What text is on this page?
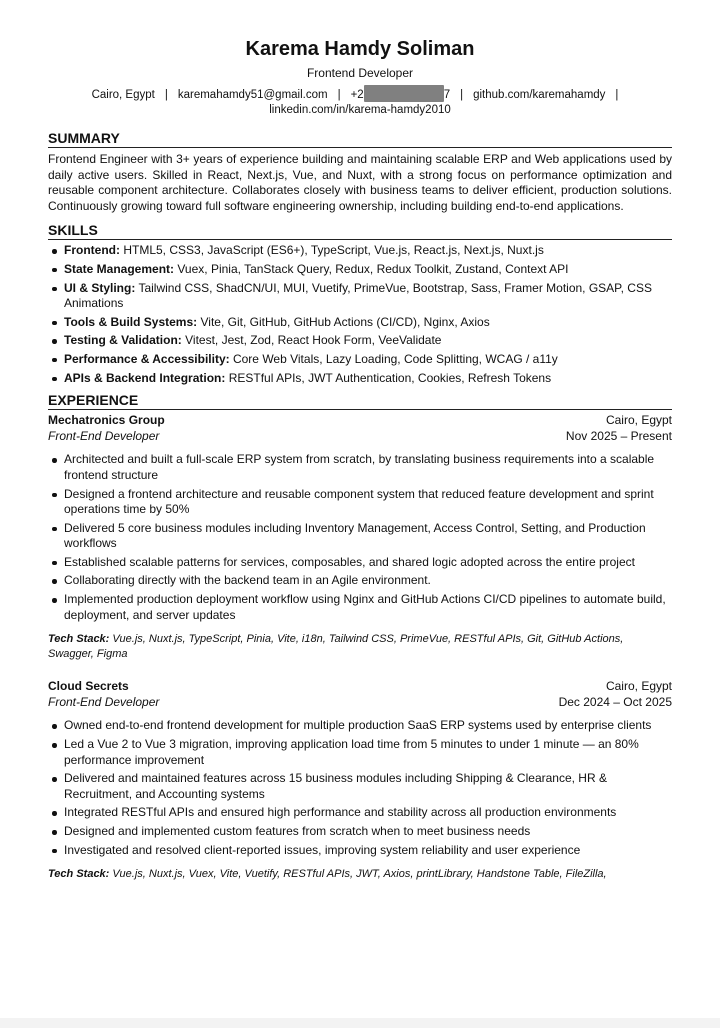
Karema Hamdy Soliman
Frontend Developer
Cairo, Egypt | karemahamdy51@gmail.com | +2	7 | github.com/karemahamdy |
linkedin.com/in/karema-hamdy2010
SUMMARY
Frontend Engineer with 3+ years of experience building and maintaining scalable ERP and Web applications used by daily active users. Skilled in React, Next.js, Vue, and Nuxt, with a strong focus on performance optimization and reusable component architecture. Collaborates closely with business teams to deliver efficient, production solutions. Continuously growing toward full software engineering ownership, including building end-to-end applications.
SKILLS
Frontend: HTML5, CSS3, JavaScript (ES6+), TypeScript, Vue.js, React.js, Next.js, Nuxt.js
State Management: Vuex, Pinia, TanStack Query, Redux, Redux Toolkit, Zustand, Context API
UI & Styling: Tailwind CSS, ShadCN/UI, MUI, Vuetify, PrimeVue, Bootstrap, Sass, Framer Motion, GSAP, CSS Animations
Tools & Build Systems: Vite, Git, GitHub, GitHub Actions (CI/CD), Nginx, Axios
Testing & Validation: Vitest, Jest, Zod, React Hook Form, VeeValidate
Performance & Accessibility: Core Web Vitals, Lazy Loading, Code Splitting, WCAG / a11y
APIs & Backend Integration: RESTful APIs, JWT Authentication, Cookies, Refresh Tokens
EXPERIENCE
Mechatronics Group	Cairo, Egypt
Front-End Developer	Nov 2025 – Present
Architected and built a full-scale ERP system from scratch, by translating business requirements into a scalable frontend structure
Designed a frontend architecture and reusable component system that reduced feature development and sprint operations time by 50%
Delivered 5 core business modules including Inventory Management, Access Control, Setting, and Production workflows
Established scalable patterns for services, composables, and shared logic adopted across the entire project
Collaborating directly with the backend team in an Agile environment.
Implemented production deployment workflow using Nginx and GitHub Actions CI/CD pipelines to automate build, deployment, and server updates
Tech Stack: Vue.js, Nuxt.js, TypeScript, Pinia, Vite, i18n, Tailwind CSS, PrimeVue, RESTful APIs, Git, GitHub Actions, Swagger, Figma
Cloud Secrets	Cairo, Egypt
Front-End Developer	Dec 2024 – Oct 2025
Owned end-to-end frontend development for multiple production SaaS ERP systems used by enterprise clients
Led a Vue 2 to Vue 3 migration, improving application load time from 5 minutes to under 1 minute — an 80% performance improvement
Delivered and maintained features across 15 business modules including Shipping & Clearance, HR & Recruitment, and Accounting systems
Integrated RESTful APIs and ensured high performance and stability across all production environments
Designed and implemented custom features from scratch when to meet business needs
Investigated and resolved client-reported issues, improving system reliability and user experience
Tech Stack: Vue.js, Nuxt.js, Vuex, Vite, Vuetify, RESTful APIs, JWT, Axios, printLibrary, Handstone Table, FileZilla,
